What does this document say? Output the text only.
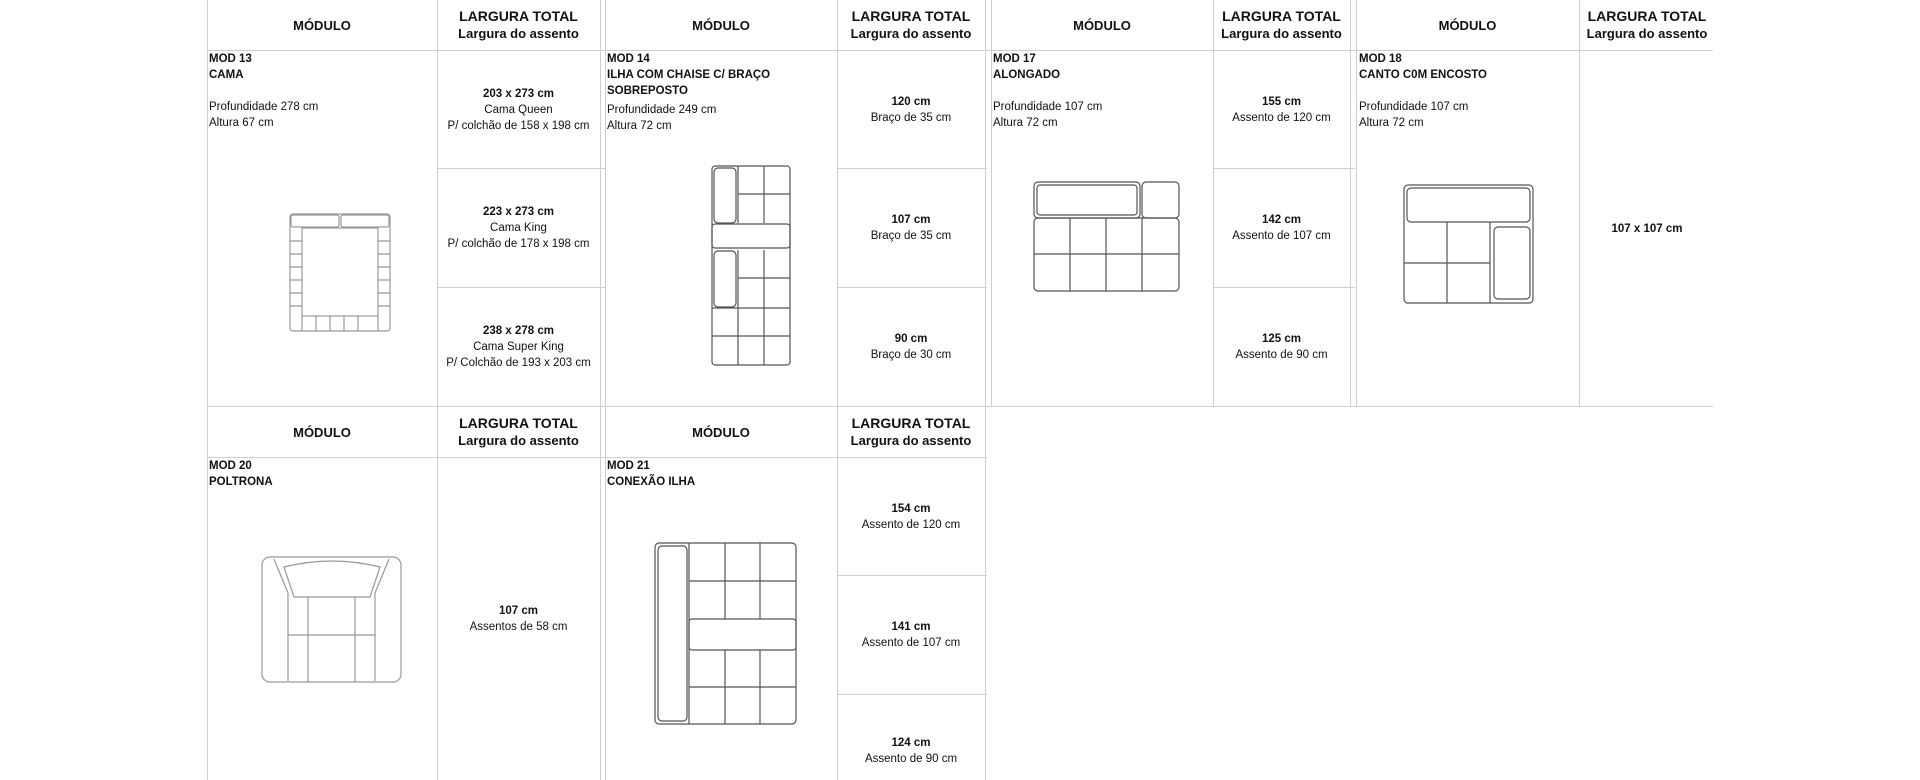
MÓDULO
LARGURA TOTAL
Largura do assento
MÓDULO
LARGURA TOTAL
Largura do assento
MÓDULO
LARGURA TOTAL
Largura do assento
MÓDULO
LARGURA TOTAL
Largura do assento
MÓDULO
LARGURA TOTAL
Largura do assento
MÓDULO
LARGURA TOTAL
Largura do assento
MOD 13
CAMA
Profundidade 278 cm
Altura 67 cm
203 x 273 cm
Cama Queen
P/ colchão de 158 x 198 cm
223 x 273 cm
Cama King
P/ colchão de 178 x 198 cm
238 x 278 cm
Cama Super King
P/ Colchão de 193 x 203 cm
MOD 14
ILHA COM CHAISE C/ BRAÇO
SOBREPOSTO
Profundidade 249 cm
Altura 72 cm
120 cm
Braço de 35 cm
107 cm
Braço de 35 cm
90 cm
Braço de 30 cm
MOD 17
ALONGADO
Profundidade 107 cm
Altura 72 cm
155 cm
Assento de 120 cm
142 cm
Assento de 107 cm
125 cm
Assento de 90 cm
MOD 18
CANTO C0M ENCOSTO
Profundidade 107 cm
Altura 72 cm
107 x 107 cm
MOD 20
POLTRONA
107 cm
Assentos de 58 cm
MOD 21
CONEXÃO ILHA
154 cm
Assento de 120 cm
141 cm
Assento de 107 cm
124 cm
Assento de 90 cm
